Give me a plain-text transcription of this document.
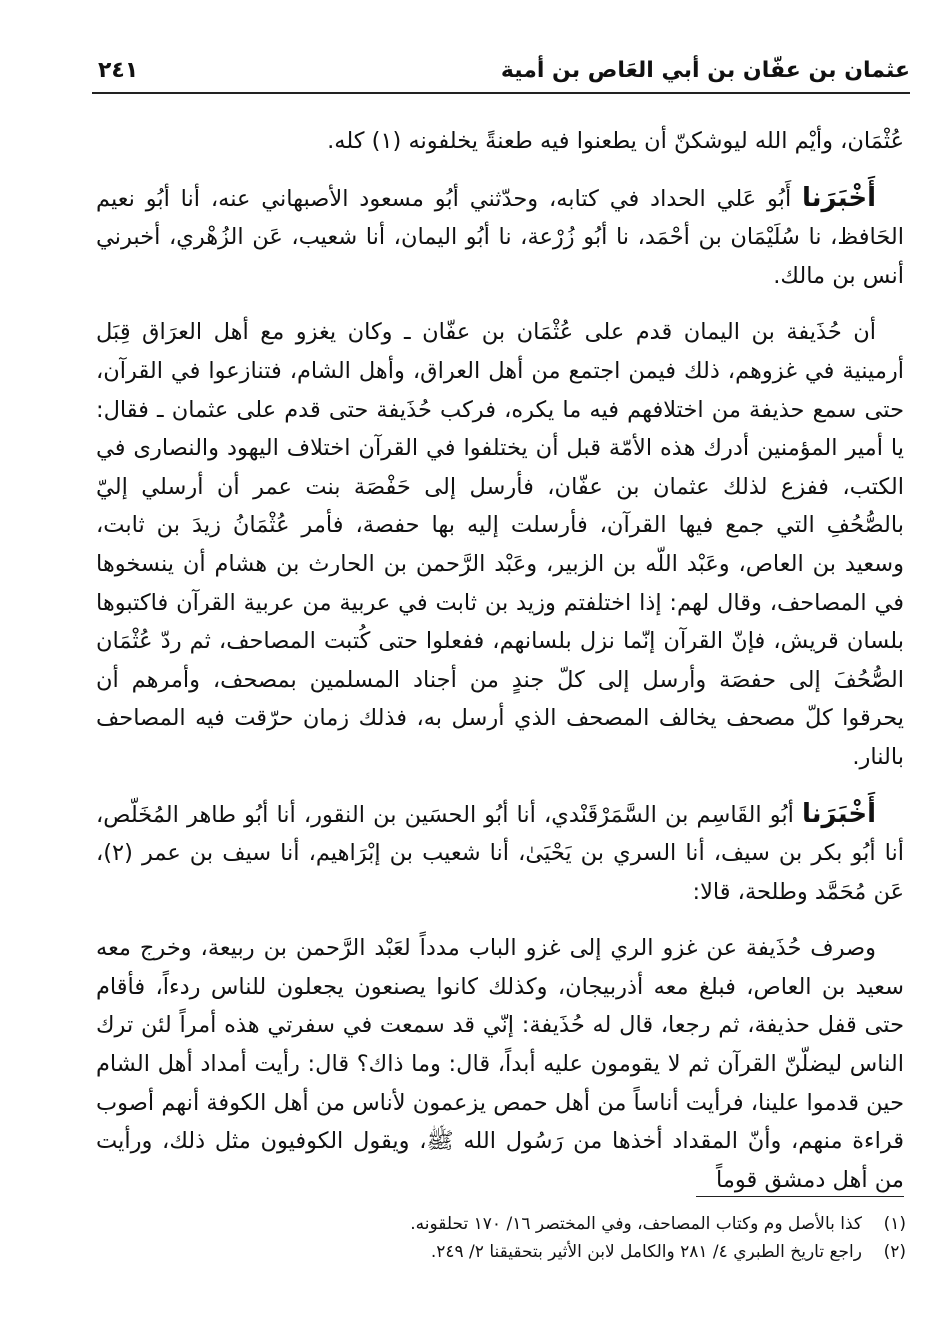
عثمان بن عفّان بن أبي العَاص بن أمية
٢٤١

عُثْمَان، وأيْم الله ليوشكنّ أن يطعنوا فيه طعنةً يخلفونه (١) كله.

أَخْبَرَنا أَبُو عَلي الحداد في كتابه، وحدّثني أبُو مسعود الأصبهاني عنه، أنا أبُو نعيم الحَافظ، نا سُلَيْمَان بن أحْمَد، نا أبُو زُرْعة، نا أبُو اليمان، أنا شعيب، عَن الزُهْري، أخبرني أنس بن مالك.

أن حُذَيفة بن اليمان قدم على عُثْمَان بن عفّان ـ وكان يغزو مع أهل العرَاق قِبَل أرمينية في غزوهم، ذلك فيمن اجتمع من أهل العراق، وأهل الشام، فتنازعوا في القرآن، حتى سمع حذيفة من اختلافهم فيه ما يكره، فركب حُذَيفة حتى قدم على عثمان ـ فقال: يا أمير المؤمنين أدرك هذه الأمّة قبل أن يختلفوا في القرآن اختلاف اليهود والنصارى في الكتب، ففزع لذلك عثمان بن عفّان، فأرسل إلى حَفْصَة بنت عمر أن أرسلي إليّ بالصُّحُفِ التي جمع فيها القرآن، فأرسلت إليه بها حفصة، فأمر عُثْمَانُ زيدَ بن ثابت، وسعيد بن العاص، وعَبْد اللّه بن الزبير، وعَبْد الرَّحمن بن الحارث بن هشام أن ينسخوها في المصاحف، وقال لهم: إذا اختلفتم وزيد بن ثابت في عربية من عربية القرآن فاكتبوها بلسان قريش، فإنّ القرآن إنّما نزل بلسانهم، ففعلوا حتى كُتبت المصاحف، ثم ردّ عُثْمَان الصُّحُفَ إلى حفصَة وأرسل إلى كلّ جندٍ من أجناد المسلمين بمصحف، وأمرهم أن يحرقوا كلّ مصحف يخالف المصحف الذي أرسل به، فذلك زمان حرّقت فيه المصاحف بالنار.

أَخْبَرَنا أبُو القَاسِم بن السَّمَرْقَنْدي، أنا أبُو الحسَين بن النقور، أنا أبُو طاهر المُخَلّص، أنا أبُو بكر بن سيف، أنا السري بن يَحْيَىٰ، أنا شعيب بن إبْرَاهيم، أنا سيف بن عمر (٢)، عَن مُحَمَّد وطلحة، قالا:

وصرف حُذَيفة عن غزو الري إلى غزو الباب مدداً لعَبْد الرَّحمن بن ربيعة، وخرج معه سعيد بن العاص، فبلغ معه أذربيجان، وكذلك كانوا يصنعون يجعلون للناس ردءاً، فأقام حتى قفل حذيفة، ثم رجعا، قال له حُذَيفة: إنّي قد سمعت في سفرتي هذه أمراً لئن ترك الناس ليضلّنّ القرآن ثم لا يقومون عليه أبداً، قال: وما ذاك؟ قال: رأيت أمداد أهل الشام حين قدموا علينا، فرأيت أناساً من أهل حمص يزعمون لأناس من أهل الكوفة أنهم أصوب قراءة منهم، وأنّ المقداد أخذها من رَسُول الله ﷺ، ويقول الكوفيون مثل ذلك، ورأيت من أهل دمشق قوماً

(١)
كذا بالأصل وم وكتاب المصاحف، وفي المختصر ١٦/ ١٧٠ تحلقونه.
(٢)
راجع تاريخ الطبري ٤/ ٢٨١ والكامل لابن الأثير بتحقيقنا ٢/ ٢٤٩.
